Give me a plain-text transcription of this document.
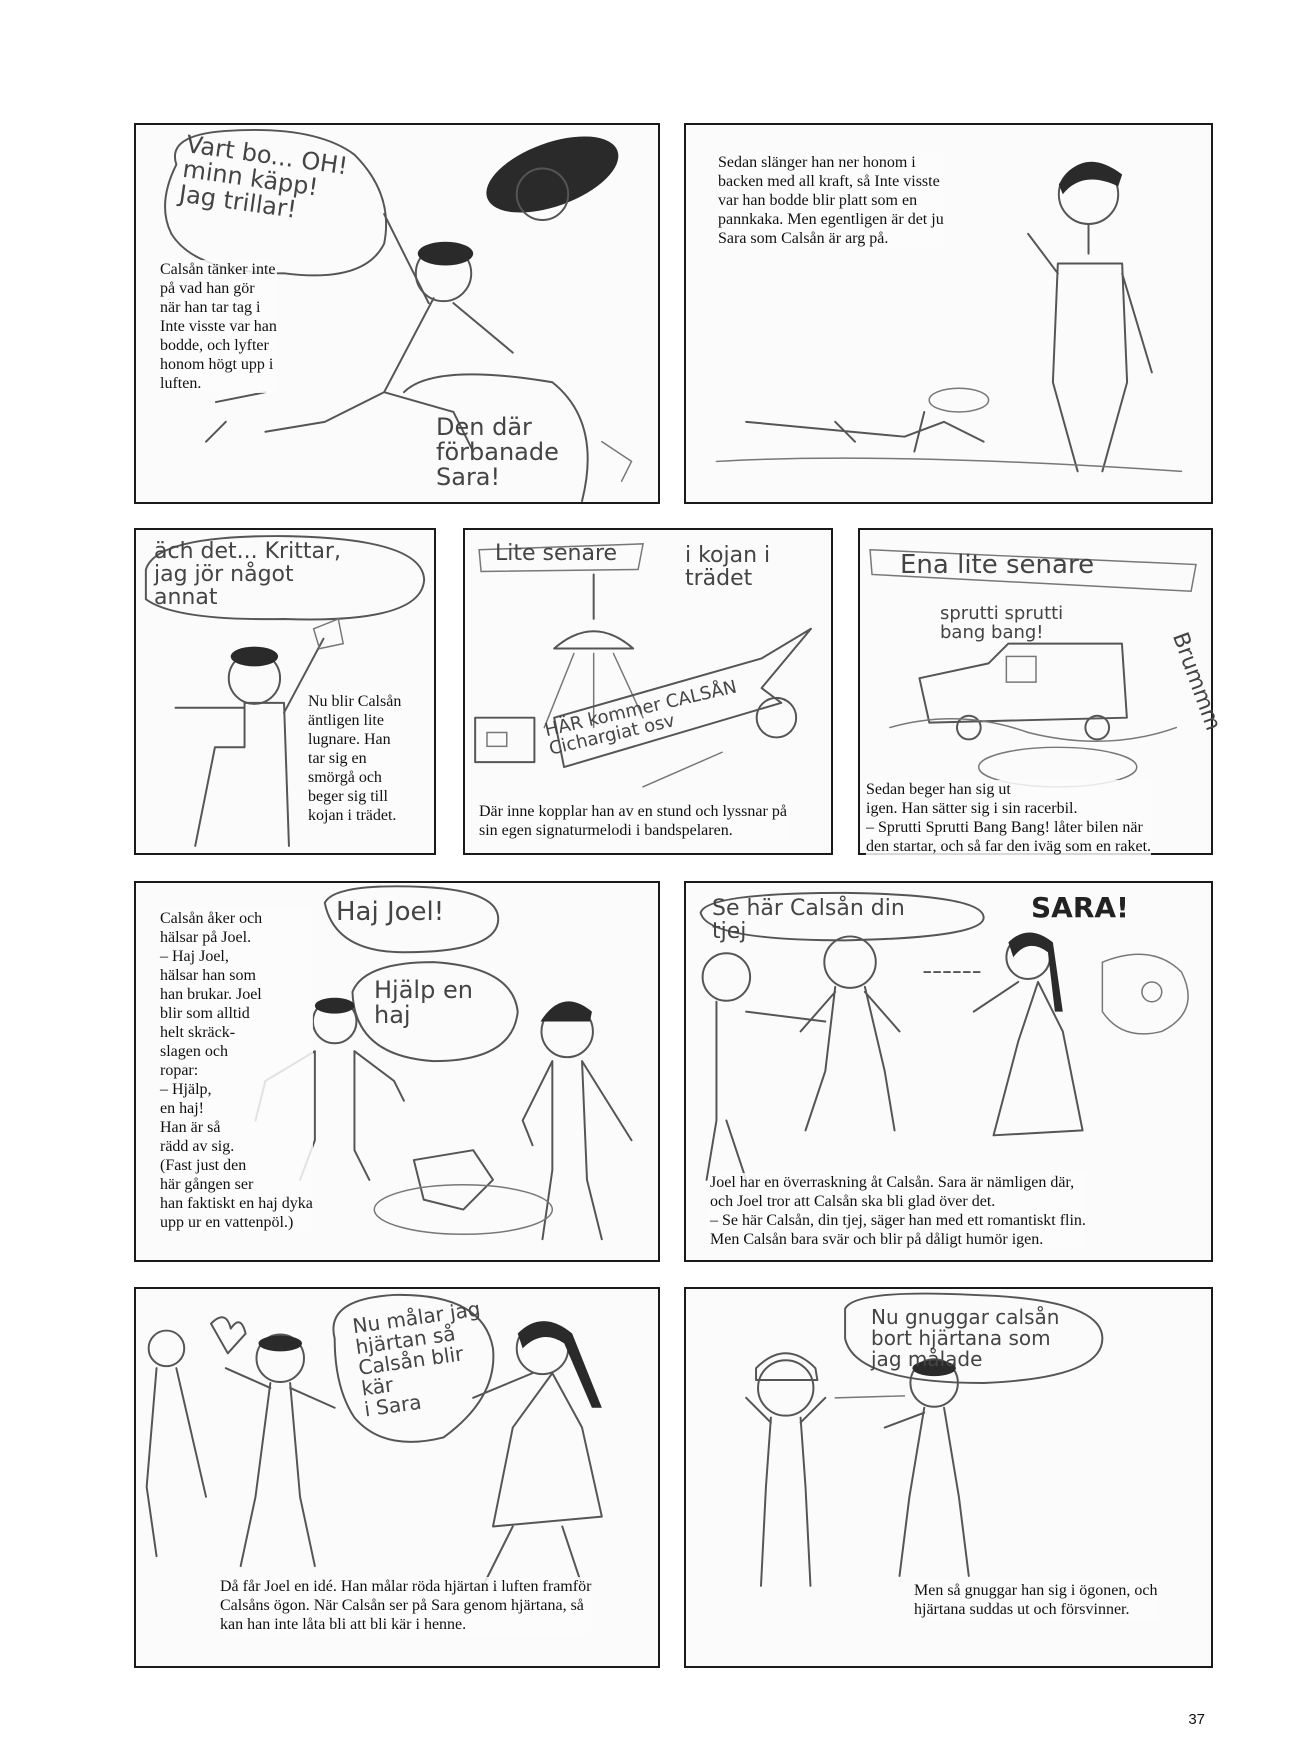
Vart bo... OH!
minn käpp!
Jag trillar!
Den där
förbanade
Sara!
Calsån tänker inte
på vad han gör
när han tar tag i
Inte visste var han
bodde, och lyfter
honom högt upp i
luften.
Sedan slänger han ner honom i
backen med all kraft, så Inte visste
var han bodde blir platt som en
pannkaka. Men egentligen är det ju
Sara som Calsån är arg på.
äch det... Krittar,
jag jör något
annat
Nu blir Calsån
äntligen lite
lugnare. Han
tar sig en
smörgå och
beger sig till
kojan i trädet.
Lite senare	i kojan i
trädet
HÄR kommer CALSÅN
Cichargiat osv
Där inne kopplar han av en stund och lyssnar på
sin egen signaturmelodi i bandspelaren.
Ena lite senare
sprutti sprutti
bang bang!	Brummm
Sedan beger han sig ut
igen. Han sätter sig i sin racerbil.
– Sprutti Sprutti Bang Bang! låter bilen när
den startar, och så far den iväg som en raket.
Haj Joel!
Hjälp en
haj
Calsån åker och
hälsar på Joel.
– Haj Joel,
hälsar han som
han brukar. Joel
blir som alltid
helt skräck-
slagen och
ropar:
– Hjälp,
en haj!
Han är så
rädd av sig.
(Fast just den
här gången ser
han faktiskt en haj dyka
upp ur en vattenpöl.)
Se här Calsån din
tjej
SARA!
Joel har en överraskning åt Calsån. Sara är nämligen där,
och Joel tror att Calsån ska bli glad över det.
– Se här Calsån, din tjej, säger han med ett romantiskt flin.
Men Calsån bara svär och blir på dåligt humör igen.
Nu målar jag
hjärtan så
Calsån blir
kär
i Sara
Då får Joel en idé. Han målar röda hjärtan i luften framför
Calsåns ögon. När Calsån ser på Sara genom hjärtana, så
kan han inte låta bli att bli kär i henne.
Nu gnuggar calsån
bort hjärtana som
jag målade
Men så gnuggar han sig i ögonen, och
hjärtana suddas ut och försvinner.
37
